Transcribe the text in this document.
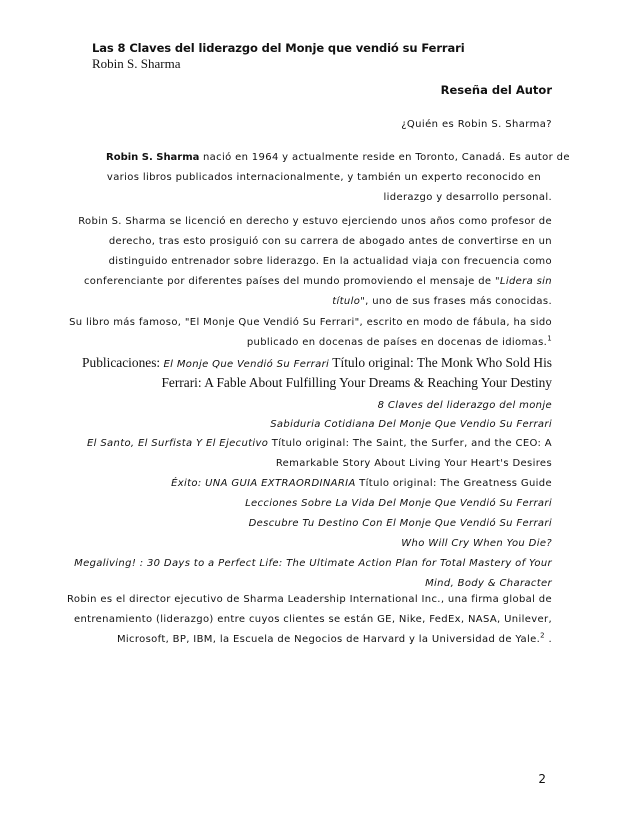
Las 8 Claves del liderazgo del Monje que vendió su Ferrari
Robin S. Sharma
Reseña del Autor
¿Quién es Robin S. Sharma?
Robin S. Sharma nació en 1964 y actualmente reside en Toronto, Canadá. Es autor de
varios libros publicados internacionalmente, y también un experto reconocido en
liderazgo y desarrollo personal.
Robin S. Sharma se licenció en derecho y estuvo ejerciendo unos años como profesor de
derecho, tras esto prosiguió con su carrera de abogado antes de convertirse en un
distinguido entrenador sobre liderazgo. En la actualidad viaja con frecuencia como
conferenciante por diferentes países del mundo promoviendo el mensaje de "Lidera sin
título", uno de sus frases más conocidas.
Su libro más famoso, "El Monje Que Vendió Su Ferrari", escrito en modo de fábula, ha sido
publicado en docenas de países en docenas de idiomas.$^1$
Publicaciones: El Monje Que Vendió Su Ferrari Título original: The Monk Who Sold His
Ferrari: A Fable About Fulfilling Your Dreams & Reaching Your Destiny
8 Claves del liderazgo del monje
Sabiduria Cotidiana Del Monje Que Vendio Su Ferrari
El Santo, El Surfista Y El Ejecutivo Título original: The Saint, the Surfer, and the CEO: A
Remarkable Story About Living Your Heart's Desires
Éxito: UNA GUIA EXTRAORDINARIA Título original: The Greatness Guide
Lecciones Sobre La Vida Del Monje Que Vendió Su Ferrari
Descubre Tu Destino Con El Monje Que Vendió Su Ferrari
Who Will Cry When You Die?
Megaliving! : 30 Days to a Perfect Life: The Ultimate Action Plan for Total Mastery of Your
Mind, Body & Character
Robin es el director ejecutivo de Sharma Leadership International Inc., una firma global de
entrenamiento (liderazgo) entre cuyos clientes se están GE, Nike, FedEx, NASA, Unilever,
Microsoft, BP, IBM, la Escuela de Negocios de Harvard y la Universidad de Yale.$^2$ .
2
